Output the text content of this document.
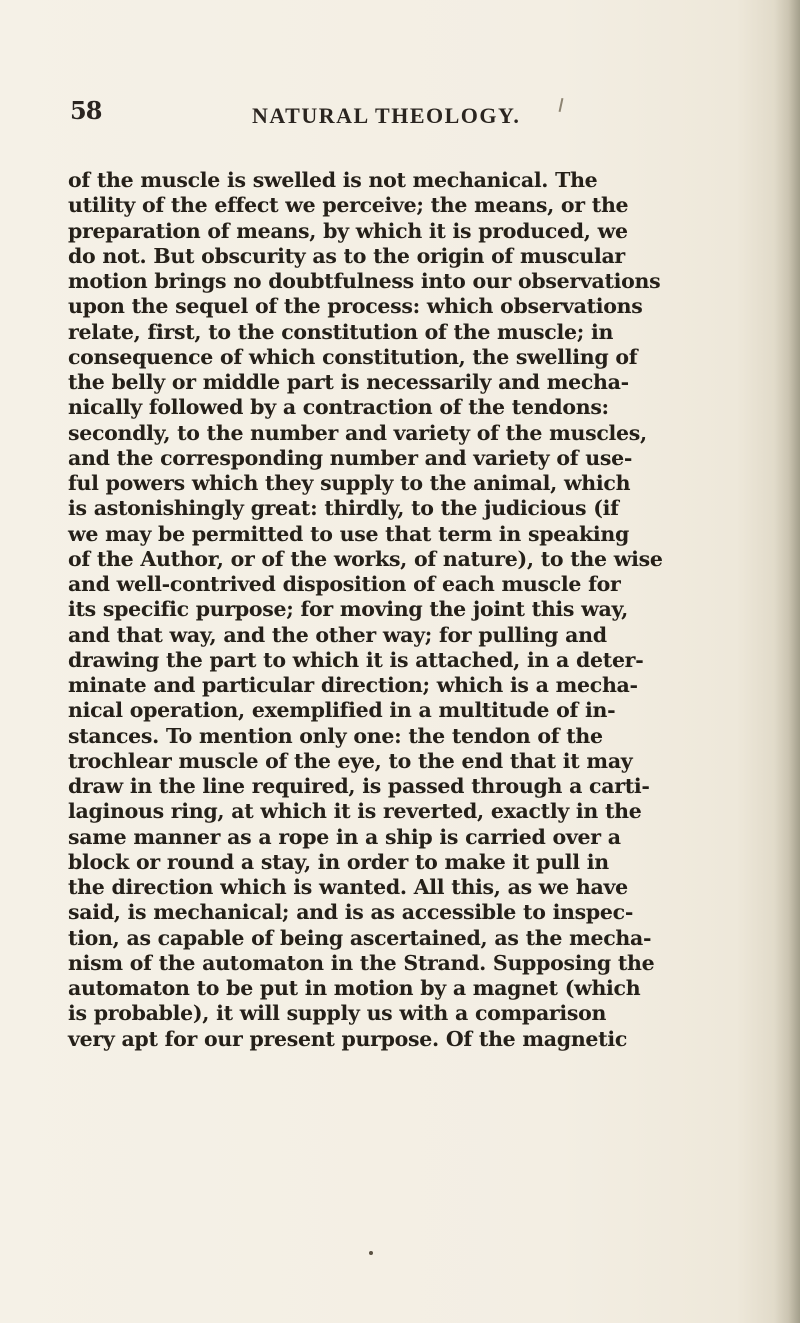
58	NATURAL THEOLOGY.

of the muscle is swelled is not mechanical. The
utility of the effect we perceive; the means, or the
preparation of means, by which it is produced, we
do not. But obscurity as to the origin of muscular
motion brings no doubtfulness into our observations
upon the sequel of the process: which observations
relate, first, to the constitution of the muscle; in
consequence of which constitution, the swelling of
the belly or middle part is necessarily and mecha-
nically followed by a contraction of the tendons:
secondly, to the number and variety of the muscles,
and the corresponding number and variety of use-
ful powers which they supply to the animal, which
is astonishingly great: thirdly, to the judicious (if
we may be permitted to use that term in speaking
of the Author, or of the works, of nature), to the wise
and well-contrived disposition of each muscle for
its specific purpose; for moving the joint this way,
and that way, and the other way; for pulling and
drawing the part to which it is attached, in a deter-
minate and particular direction; which is a mecha-
nical operation, exemplified in a multitude of in-
stances. To mention only one: the tendon of the
trochlear muscle of the eye, to the end that it may
draw in the line required, is passed through a carti-
laginous ring, at which it is reverted, exactly in the
same manner as a rope in a ship is carried over a
block or round a stay, in order to make it pull in
the direction which is wanted. All this, as we have
said, is mechanical; and is as accessible to inspec-
tion, as capable of being ascertained, as the mecha-
nism of the automaton in the Strand. Supposing the
automaton to be put in motion by a magnet (which
is probable), it will supply us with a comparison
very apt for our present purpose. Of the magnetic
